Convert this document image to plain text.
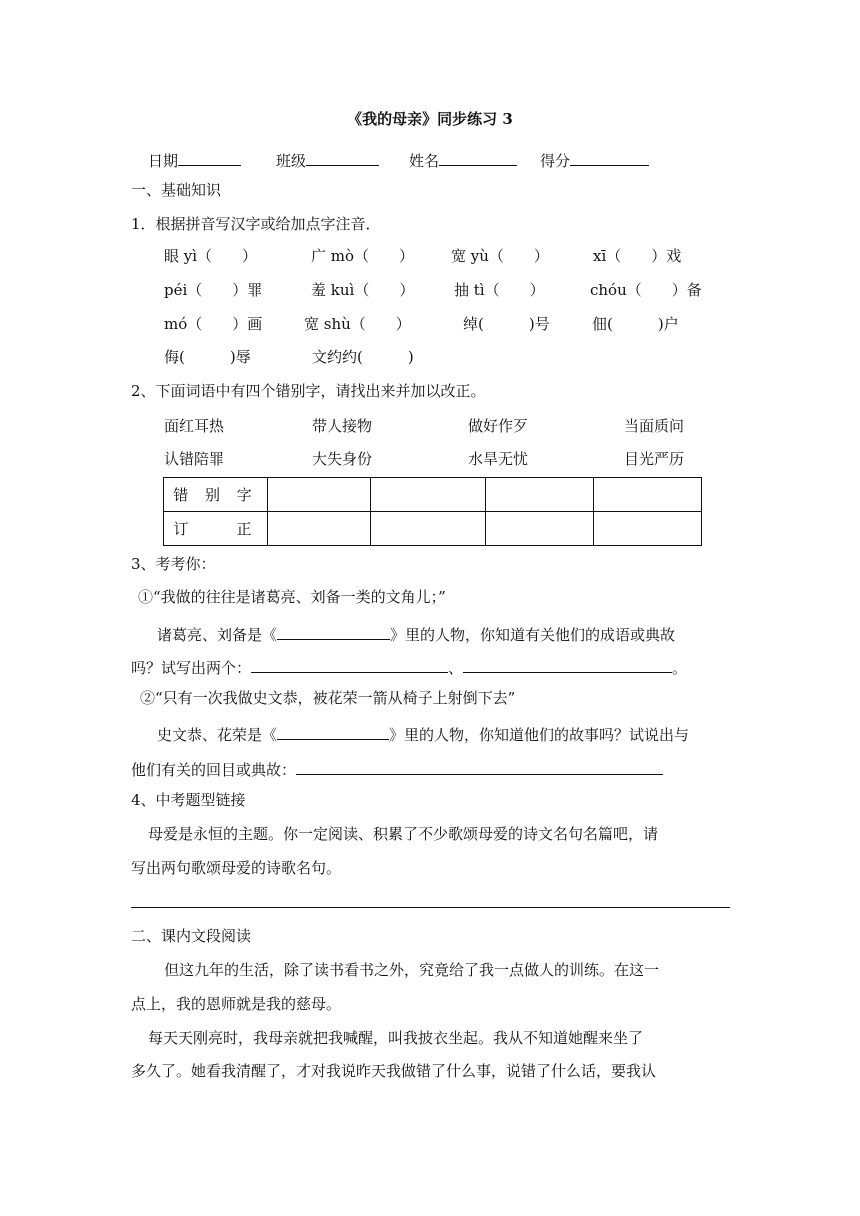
《我的母亲》同步练习 3
日期	班级	姓名	得分
一、基础知识
1．根据拼音写汉字或给加点字注音．
眼 yì（　　）	广 mò（　　） 宽 yù（　　）	xī（　　）戏
péi（　　）罪	羞 kuì（　　）	抽 tì（　　）	chóu（　　）备
mó（　　）画	宽 shù（　　）	绰(　　　)号	佃(　　　)户
侮(　　　)辱	文约约(　　　)
2、下面词语中有四个错别字，请找出来并加以改正。
面红耳热	带人接物	做好作歹	当面质问
认错陪罪	大失身份	水旱无忧	目光严历
错 别 字				
订　　正				
3、考考你：
①“我做的往往是诸葛亮、刘备一类的文角儿；”
诸葛亮、刘备是《	》里的人物，你知道有关他们的成语或典故
吗？试写出两个：	、	。
②“只有一次我做史文恭，被花荣一箭从椅子上射倒下去”
史文恭、花荣是《	》里的人物，你知道他们的故事吗？试说出与
他们有关的回目或典故：
4、中考题型链接
母爱是永恒的主题。你一定阅读、积累了不少歌颂母爱的诗文名句名篇吧，请
写出两句歌颂母爱的诗歌名句。
二、课内文段阅读
但这九年的生活，除了读书看书之外，究竟给了我一点做人的训练。在这一
点上，我的恩师就是我的慈母。
每天天刚亮时，我母亲就把我喊醒，叫我披衣坐起。我从不知道她醒来坐了
多久了。她看我清醒了，才对我说昨天我做错了什么事，说错了什么话，要我认
